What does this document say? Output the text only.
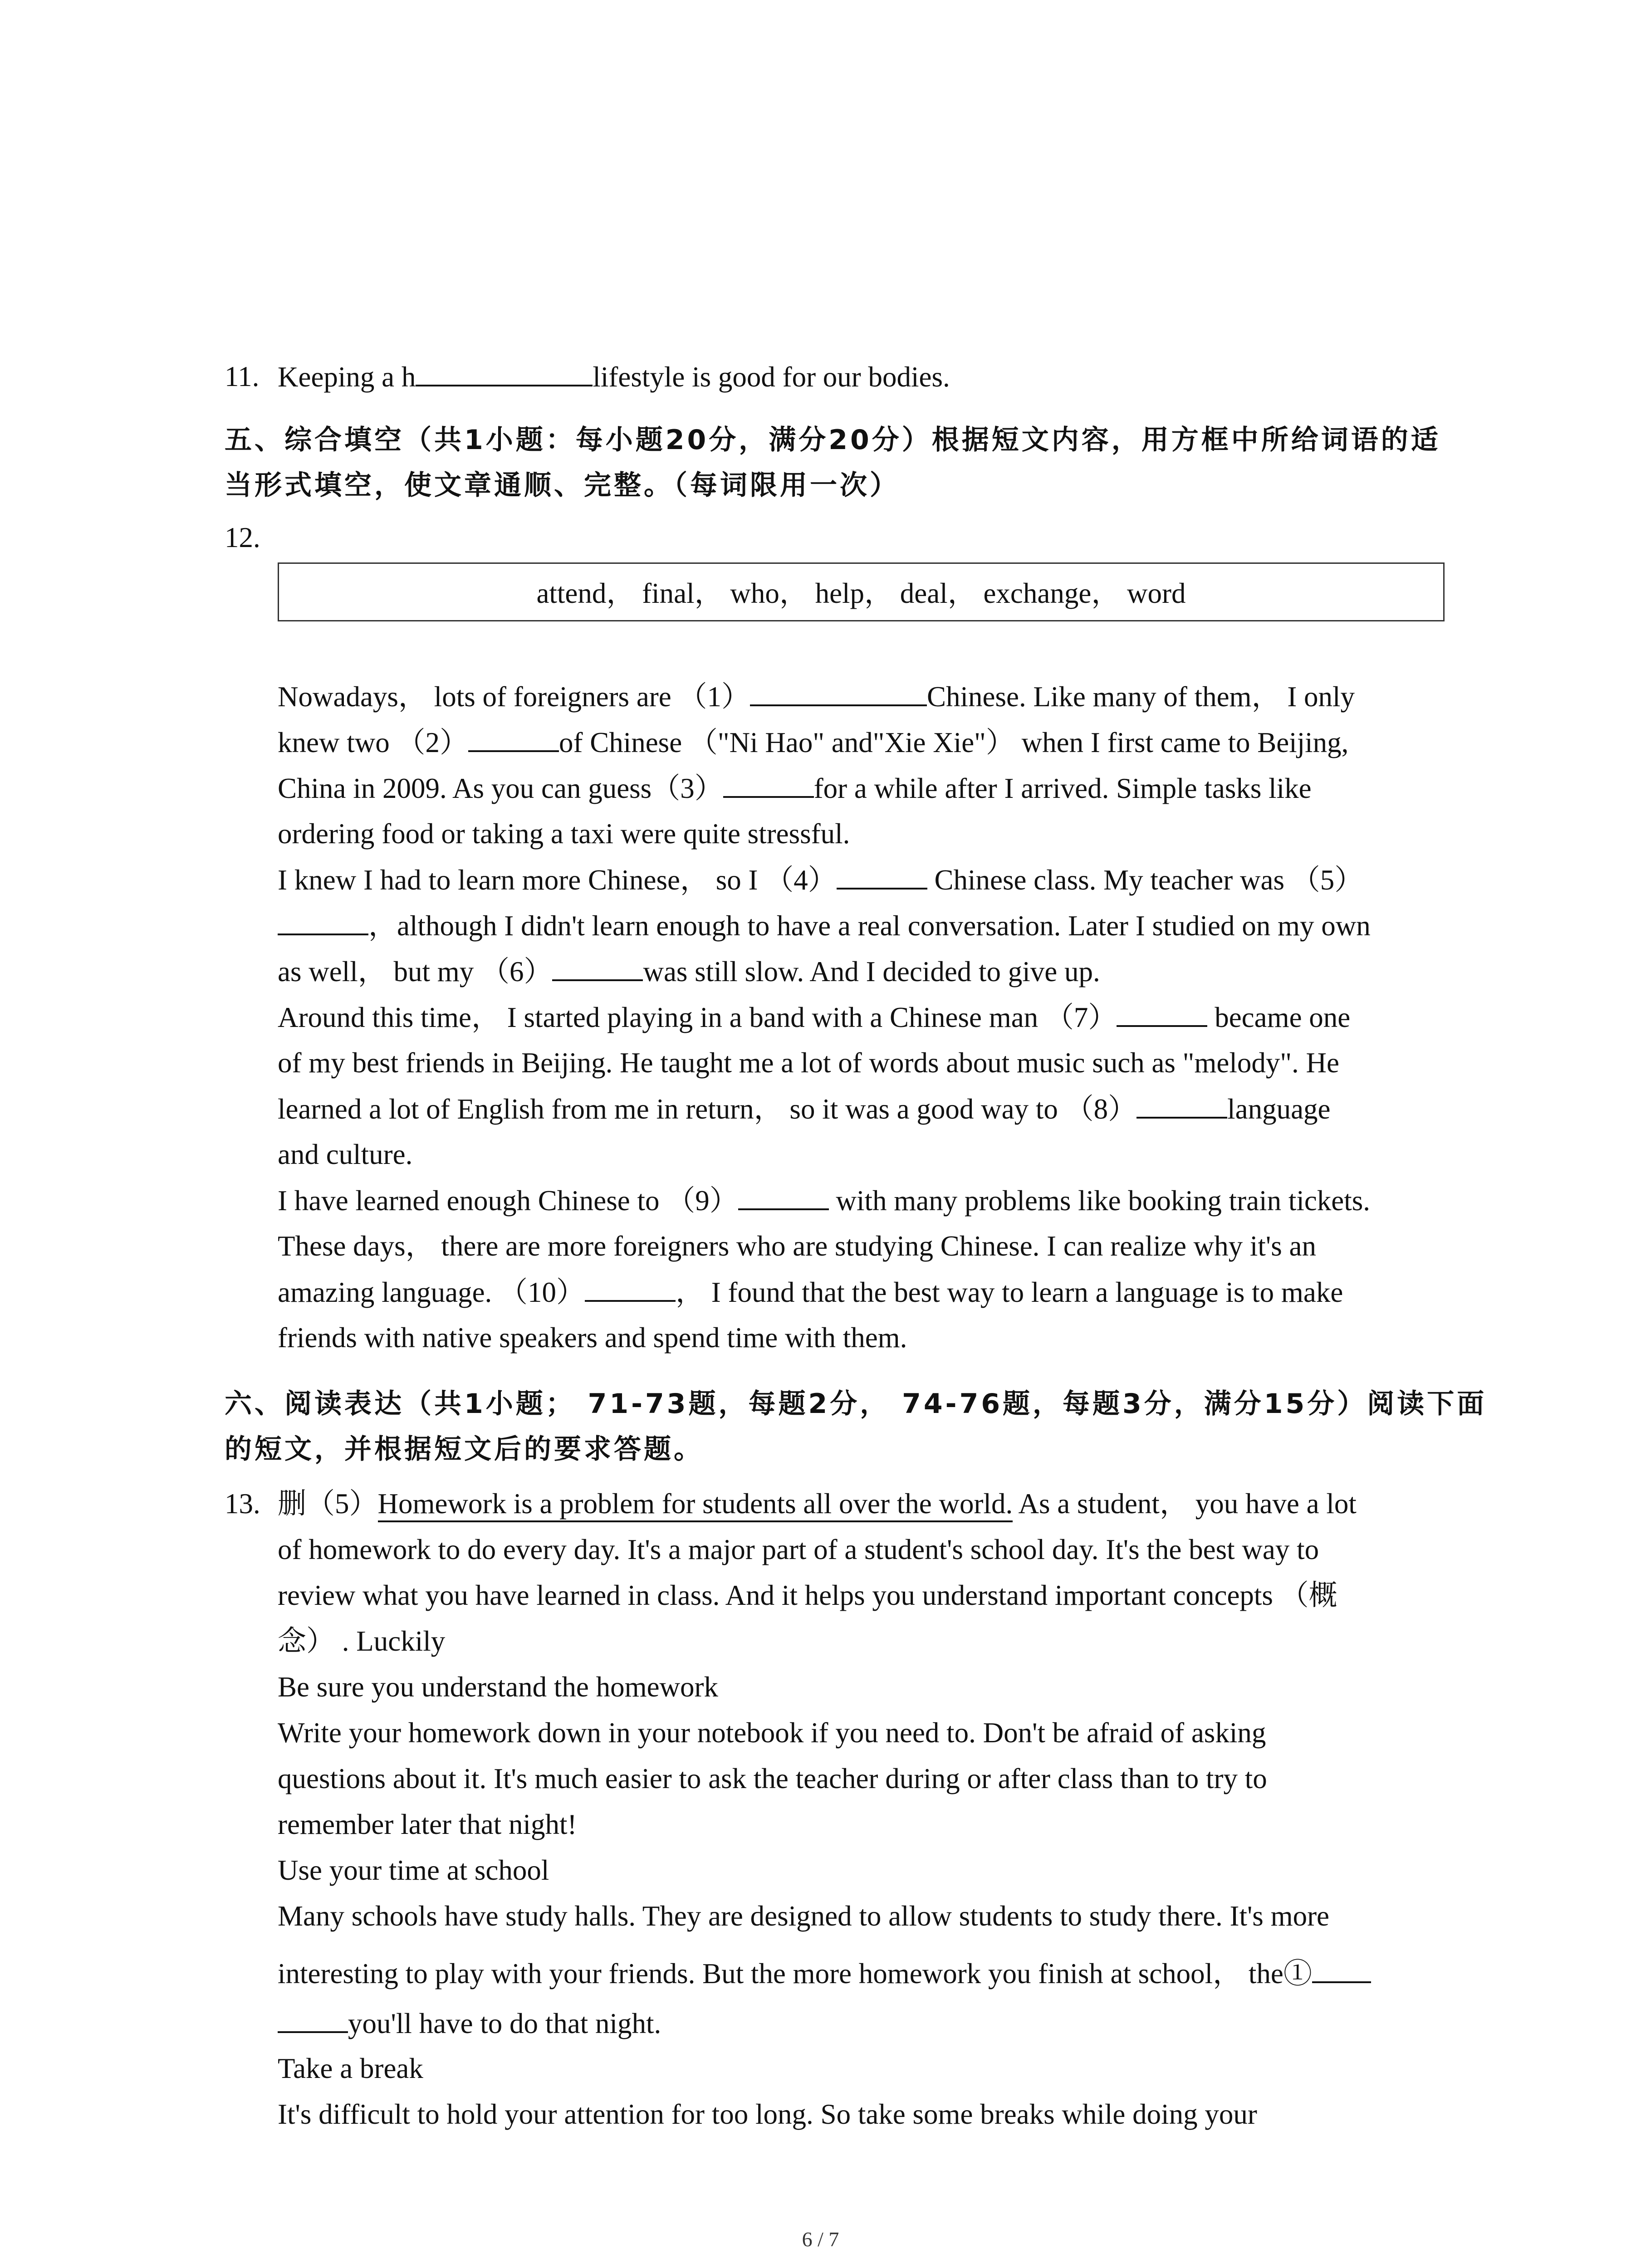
11. Keeping a h	lifestyle is good for our bodies.
五、综合填空（共1小题：每小题20分，满分20分）根据短文内容，用方框中所给词语的适
当形式填空，使文章通顺、完整。（每词限用一次）
12.
attend， final， who， help， deal， exchange， word
Nowadays， lots of foreigners are （1）	Chinese. Like many of them， I only
knew two （2）	of Chinese （"Ni Hao" and"Xie Xie"） when I first came to Beijing,
China in 2009. As you can guess（3）	for a while after I arrived. Simple tasks like
ordering food or taking a taxi were quite stressful.
I knew I had to learn more Chinese， so I （4）	Chinese class. My teacher was （5）
，although I didn't learn enough to have a real conversation. Later I studied on my own
as well， but my （6）	was still slow. And I decided to give up.
Around this time， I started playing in a band with a Chinese man （7）	became one
of my best friends in Beijing. He taught me a lot of words about music such as "melody". He
learned a lot of English from me in return， so it was a good way to （8）	language
and culture.
I have learned enough Chinese to （9）	with many problems like booking train tickets.
These days， there are more foreigners who are studying Chinese. I can realize why it's an
amazing language. （10）	， I found that the best way to learn a language is to make
friends with native speakers and spend time with them.
六、阅读表达（共1小题； 71-73题，每题2分， 74-76题，每题3分，满分15分）阅读下面
的短文，并根据短文后的要求答题。
13. 删（5）Homework is a problem for students all over the world. As a student， you have a lot
of homework to do every day. It's a major part of a student's school day. It's the best way to
review what you have learned in class. And it helps you understand important concepts （概
念） . Luckily
Be sure you understand the homework
Write your homework down in your notebook if you need to. Don't be afraid of asking
questions about it. It's much easier to ask the teacher during or after class than to try to
remember later that night!
Use your time at school
Many schools have study halls. They are designed to allow students to study there. It's more
interesting to play with your friends. But the more homework you finish at school， the①
you'll have to do that night.
Take a break
It's difficult to hold your attention for too long. So take some breaks while doing your
6 / 7
